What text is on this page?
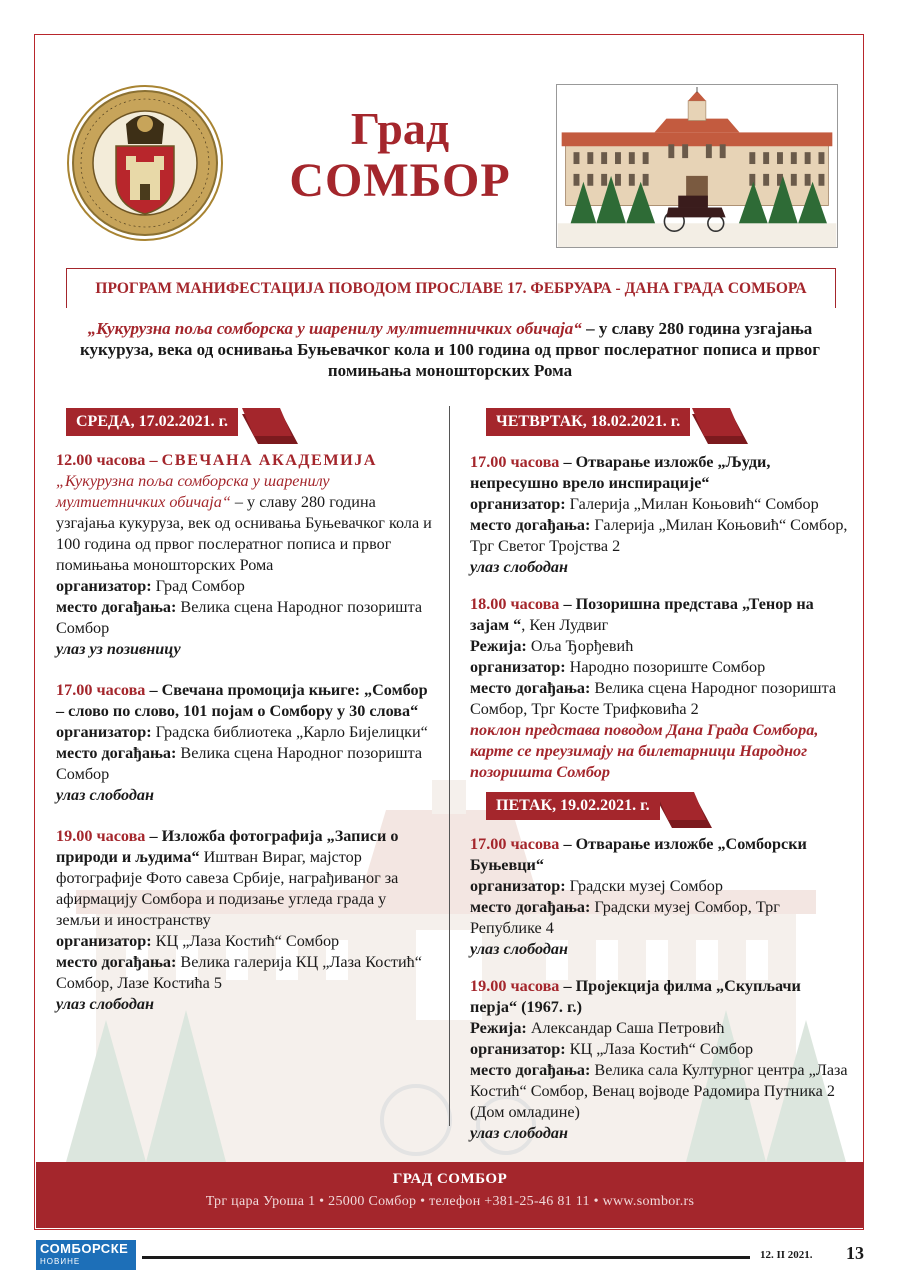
Град
СОМБОР
ПРОГРАМ МАНИФЕСТАЦИЈА ПОВОДОМ ПРОСЛАВЕ 17. ФЕБРУАРА - ДАНА ГРАДА СОМБОРА
„Кукурузна поља сомборска у шаренилу мултиетничких обичаја“ – у славу 280 година узгајања кукуруза, века од оснивања Буњевачког кола и 100 година од првог послератног пописа и првог помињања моношторских Рома
СРЕДА, 17.02.2021. г.	ЧЕТВРТАК, 18.02.2021. г.
ПЕТАК, 19.02.2021. г.

12.00 часова – СВЕЧАНА АКАДЕМИЈА

„Кукурузна поља сомборска у шаренилу мултиетничких обичаја“ – у славу 280 година узгајања кукуруза, век од оснивања Буњевачког кола и 100 година од првог послератног пописа и првог помињања моношторских Рома

организатор: Град Сомбор

место догађања: Велика сцена Народног позоришта Сомбор

улаз уз позивницу

17.00 часова – Свечана промоција књиге: „Сомбор – слово по слово, 101 појам о Сомбору у 30 слова“

организатор: Градска библиотека „Карло Бијелицки“

место догађања: Велика сцена Народног позоришта Сомбор

улаз слободан

19.00 часова – Изложба фотографија „Записи о природи и људима“ Иштван Вираг, мајстор фотографије Фото савеза Србије, награђиваног за афирмацију Сомбора и подизање угледа града у земљи и иностранству

организатор: КЦ „Лаза Костић“ Сомбор

место догађања: Велика галерија КЦ „Лаза Костић“ Сомбор, Лазе Костића 5

улаз слободан

17.00 часова – Отварање изложбе „Људи, непресушно врело инспирације“

организатор: Галерија „Милан Коњовић“ Сомбор

место догађања: Галерија „Милан Коњовић“ Сомбор, Трг Светог Тројства 2

улаз слободан

18.00 часова – Позоришна представа „Тенор на зајам “, Кен Лудвиг

Режија: Ољa Ђорђевић

организатор: Народно позориште Сомбор

место догађања: Велика сцена Народног позоришта Сомбор, Трг Косте Трифковића 2

поклон представа поводом Дана Града Сомбора, карте се преузимају на билетарници Народног позоришта Сомбор

17.00 часова – Отварање изложбе „Сомборски Буњевци“

организатор: Градски музеј Сомбор

место догађања: Градски музеј Сомбор, Трг Републике 4

улаз слободан

19.00 часова – Пројекција филма „Скупљачи перја“ (1967. г.)

Режија: Александар Саша Петровић

организатор: КЦ „Лаза Костић“ Сомбор

место догађања: Велика сала Културног центра „Лаза Костић“ Сомбор, Венац војводе Радомира Путника 2 (Дом омладине)

улаз слободан

ГРАД СОМБОР
Трг цара Уроша 1 • 25000 Сомбор • телефон +381-25-46 81 11 • www.sombor.rs
СОМБОРСКЕ
НОВИНЕ
12. II 2021. 13
